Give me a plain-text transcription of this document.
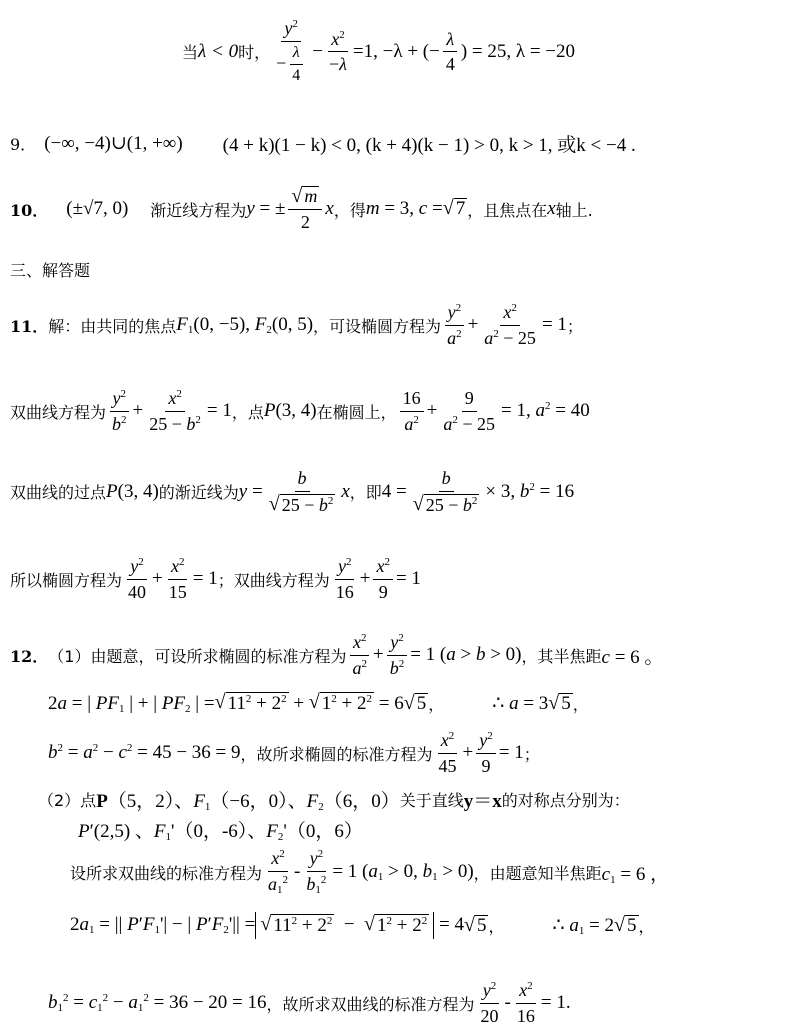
当 λ < 0 时， $\frac{y^2}{- \frac{\lambda}{4}} - \frac{x^2}{-\lambda} =1$, −λ + (− $\frac{\lambda}{4}$ ) = 25, λ = −20
9． (−∞, −4)∪(1, +∞) (4 + k)(1 − k) < 0, (k + 4)(k − 1) > 0, k > 1, 或k < −4 .
10． (±√7, 0) 渐近线方程为 y = ± $\frac{√ m}{2}$ x ，得 m = 3, c = √ 7 ，且焦点在 x 轴上.
三、解答题
11． 解：由共同的焦点 $F_1(0$, −5), $F_2(0$, 5) ，可设椭圆方程为 $\frac{y^2}{a^2} + \frac{x^2}{a^2 - 25} = 1$ ；
双曲线方程为 $\frac{y^2}{b^2} + \frac{x^2}{25 - b^2} = 1$ ，点 P(3, 4) 在椭圆上， $\frac{16}{a^2} + \frac{9}{a^2 - 25} = 1$, $a^2 = 40$
双曲线的过点 P(3, 4) 的渐近线为 $y = \frac{b}{√ 25 - b^2}$ x ，即 $4 = \frac{b}{√ 25 - b^2} \times 3$, $b^2 = 16$
所以椭圆方程为 $\frac{y^2}{40} + \frac{x^2}{15} = 1$ ；双曲线方程为 $\frac{y^2}{16} + \frac{x^2}{9} = 1$
12． （1）由题意，可设所求椭圆的标准方程为 $\frac{x^2}{a^2} + \frac{y^2}{b^2} = 1$ (a > b > 0) ，其半焦距 c = 6 。
2a = | $PF_1$ | + | $PF_2$ | = √ $11^2 + 2^2$ + √ $1^2 + 2^2 = 6$ √ 5 ，	∴ a = 3 √ 5 ，
$b^2 = a^2 - c^2 = 45 - 36 = 9$ ，故所求椭圆的标准方程为 $\frac{x^2}{45} + \frac{y^2}{9} = 1$ ；
（2）点 P（5，2）、$F_1(-6$，0）、$F_2(6$，0） 关于直线 y＝x 的对称点分别为：
P′(2,5) 、$F_1'(0$，-6）、$F_2'(0$，6）
设所求双曲线的标准方程为 $\frac{x^2}{a_1^2} - \frac{y^2}{b_1^2} = 1$ ($a_1 > 0$, $b_1 > 0$) ，由题意知半焦距 $c_1 = 6$ ，
$2a_1$ = || $P'F_1'|$ − | $P'F_2'||$ = √ $11^2 + 2^2$ − √ $1^2 + 2^2 = 4$ √ 5 ，	∴ $a_1 = 2$ √ 5 ，
$b_1^2 = c_1^2 - a_1^2 = 36 - 20 = 16$ ，故所求双曲线的标准方程为 $\frac{y^2}{20} - \frac{x^2}{16} = 1$.
